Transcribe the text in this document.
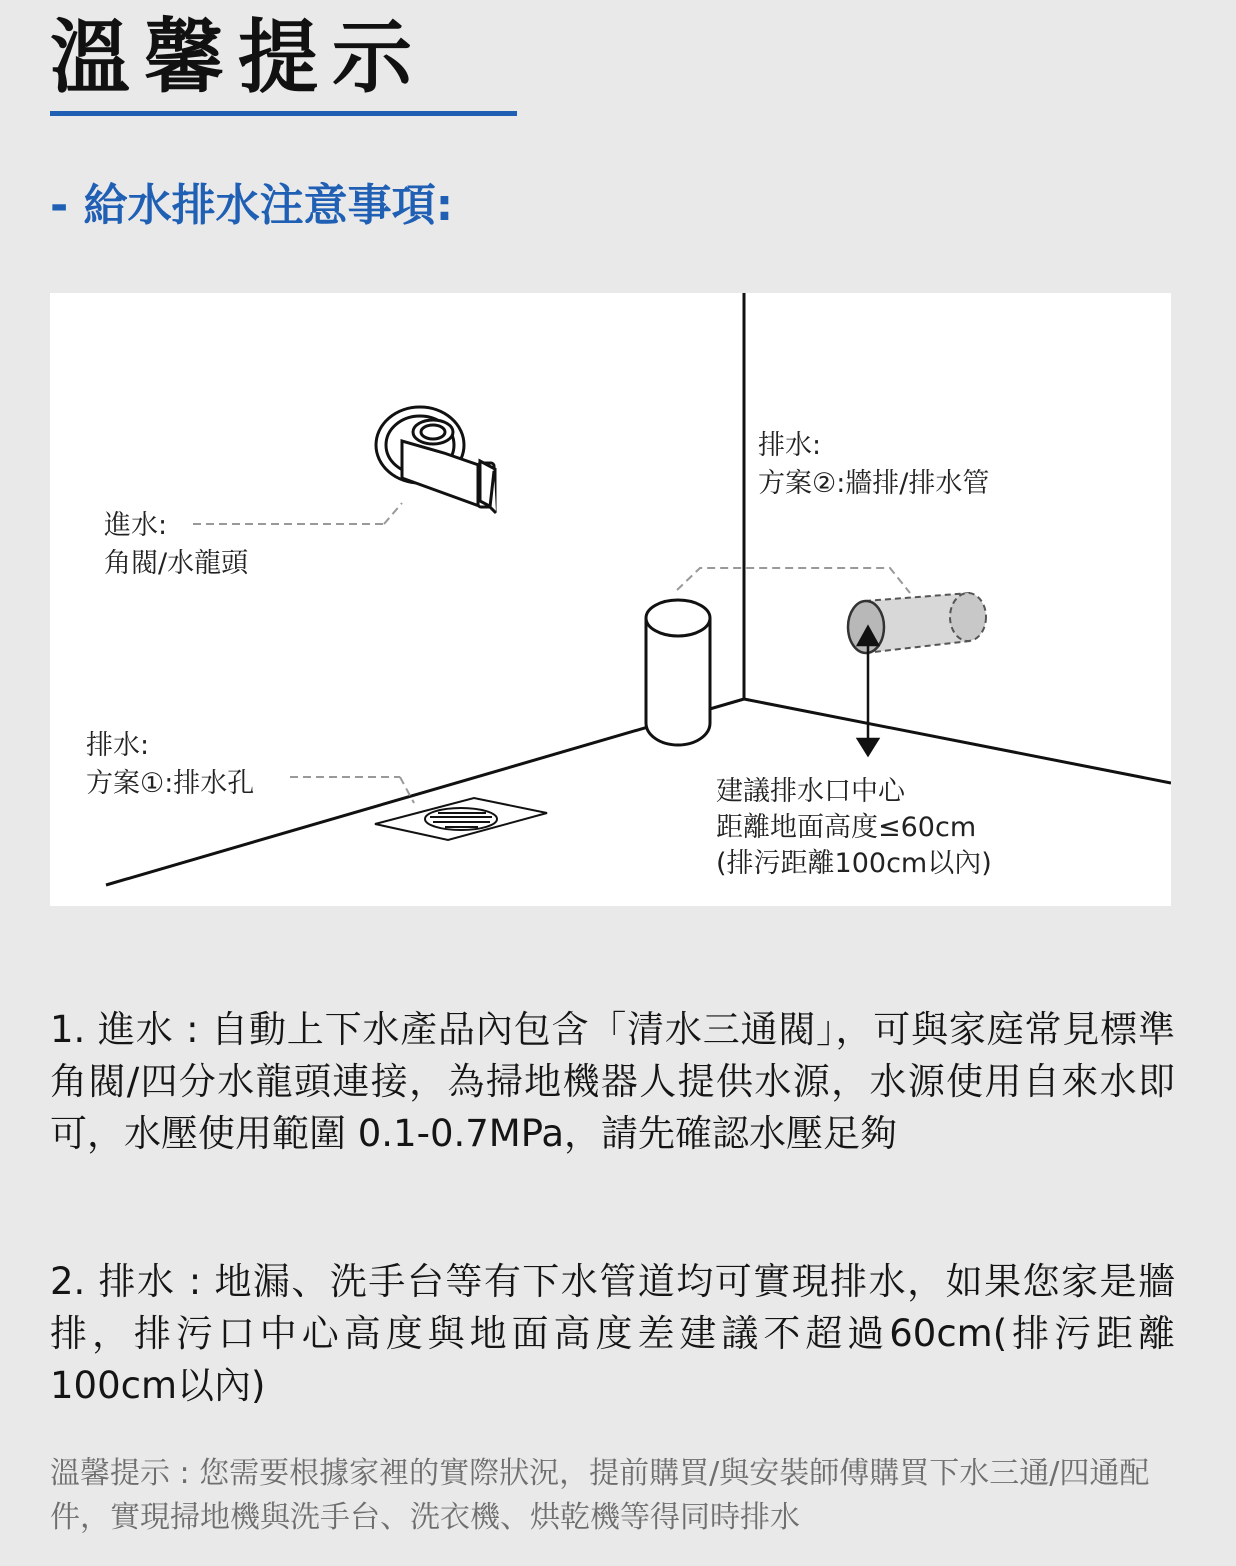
溫馨提示
- 給水排水注意事項:
進水:
角閥/水龍頭
排水:
方案②:牆排/排水管
排水:
方案①:排水孔	建議排水口中心
距離地面高度≤60cm
(排污距離100cm以內)

1. 進水 : 自動上下水產品內包含「清水三通閥」，可與家庭常見標準角閥/四分水龍頭連接，為掃地機器人提供水源，水源使用自來水即可，水壓使用範圍 0.1-0.7MPa，請先確認水壓足夠

2. 排水 : 地漏、洗手台等有下水管道均可實現排水，如果您家是牆排，排污口中心高度與地面高度差建議不超過60cm(排污距離100cm以內)

溫馨提示 : 您需要根據家裡的實際狀況，提前購買/與安裝師傅購買下水三通/四通配件，實現掃地機與洗手台、洗衣機、烘乾機等得同時排水
